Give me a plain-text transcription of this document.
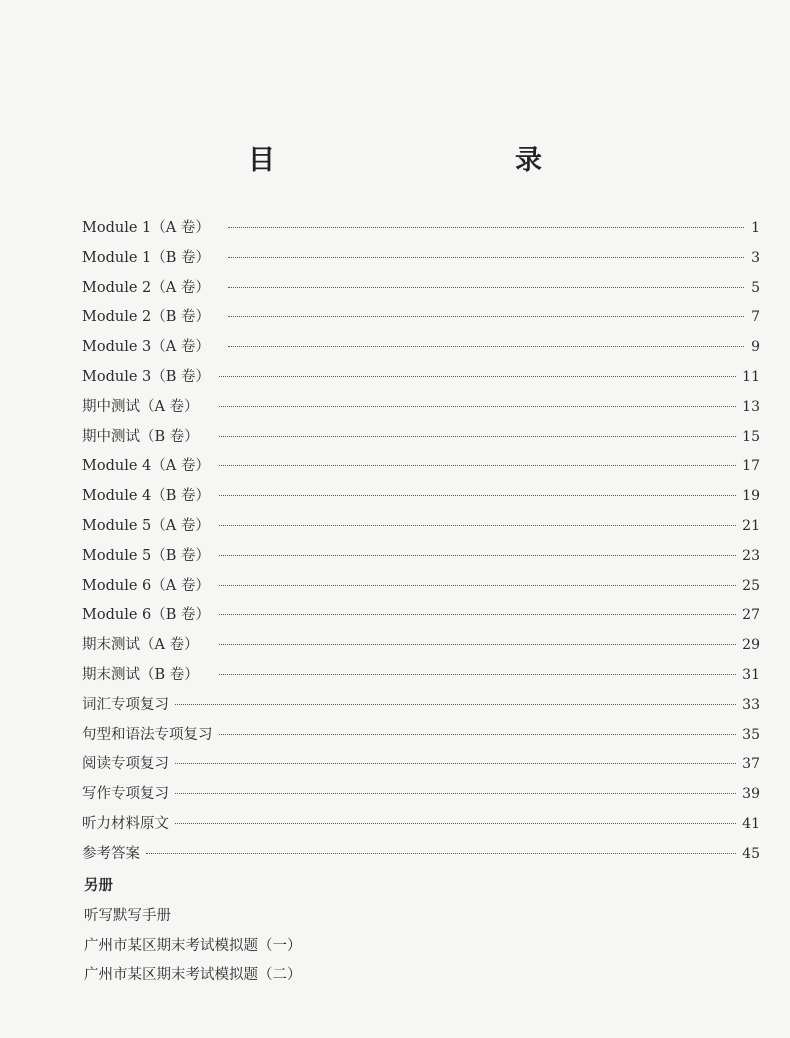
目　　录
Module 1（A 卷）	1
Module 1（B 卷）	3
Module 2（A 卷）	5
Module 2（B 卷）	7
Module 3（A 卷）	9
Module 3（B 卷）	11
期中测试（A 卷）	13
期中测试（B 卷）	15
Module 4（A 卷）	17
Module 4（B 卷）	19
Module 5（A 卷）	21
Module 5（B 卷）	23
Module 6（A 卷）	25
Module 6（B 卷）	27
期末测试（A 卷）	29
期末测试（B 卷）	31
词汇专项复习	33
句型和语法专项复习	35
阅读专项复习	37
写作专项复习	39
听力材料原文	41
参考答案	45
另册
听写默写手册
广州市某区期末考试模拟题（一）
广州市某区期末考试模拟题（二）
